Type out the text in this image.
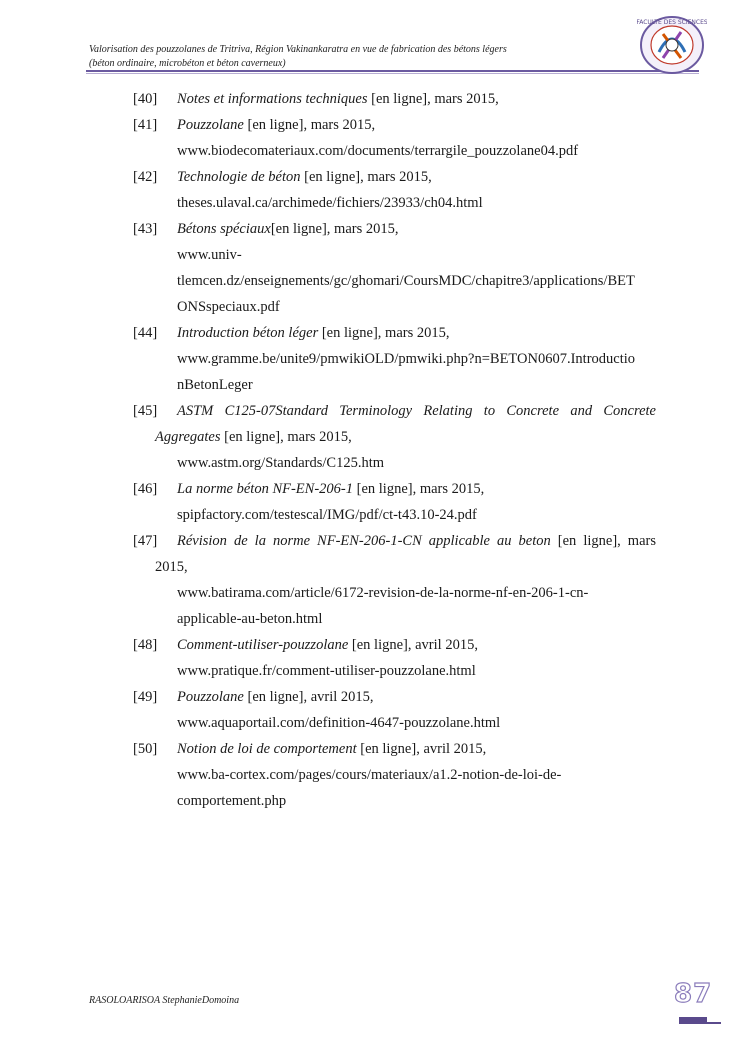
Valorisation des pouzzolanes de Tritriva, Région Vakinankaratra en vue de fabrication des bétons légers
(béton ordinaire, microbéton et béton caverneux)
FACULTE DES SCIENCES
[40]	Notes et informations techniques [en ligne], mars 2015,
[41]	Pouzzolane [en ligne], mars 2015,
www.biodecomateriaux.com/documents/terrargile_pouzzolane04.pdf
[42]	Technologie de béton [en ligne], mars 2015,
theses.ulaval.ca/archimede/fichiers/23933/ch04.html
[43]	Bétons spéciaux[en ligne], mars 2015,
www.univ-
tlemcen.dz/enseignements/gc/ghomari/CoursMDC/chapitre3/applications/BET
ONSspeciaux.pdf
[44]	Introduction béton léger [en ligne], mars 2015,
www.gramme.be/unite9/pmwikiOLD/pmwiki.php?n=BETON0607.Introductio
nBetonLeger
[45]	ASTM C125-07Standard Terminology Relating to Concrete and Concrete
Aggregates [en ligne], mars 2015,
www.astm.org/Standards/C125.htm
[46]	La norme béton NF-EN-206-1 [en ligne], mars 2015,
spipfactory.com/testescal/IMG/pdf/ct-t43.10-24.pdf
[47]	Révision de la norme NF-EN-206-1-CN applicable au beton [en ligne], mars
2015,
www.batirama.com/article/6172-revision-de-la-norme-nf-en-206-1-cn-
applicable-au-beton.html
[48]	Comment-utiliser-pouzzolane [en ligne], avril 2015,
www.pratique.fr/comment-utiliser-pouzzolane.html
[49]	Pouzzolane [en ligne], avril 2015,
www.aquaportail.com/definition-4647-pouzzolane.html
[50]	Notion de loi de comportement [en ligne], avril 2015,
www.ba-cortex.com/pages/cours/materiaux/a1.2-notion-de-loi-de-
comportement.php
RASOLOARISOA StephanieDomoina	87
